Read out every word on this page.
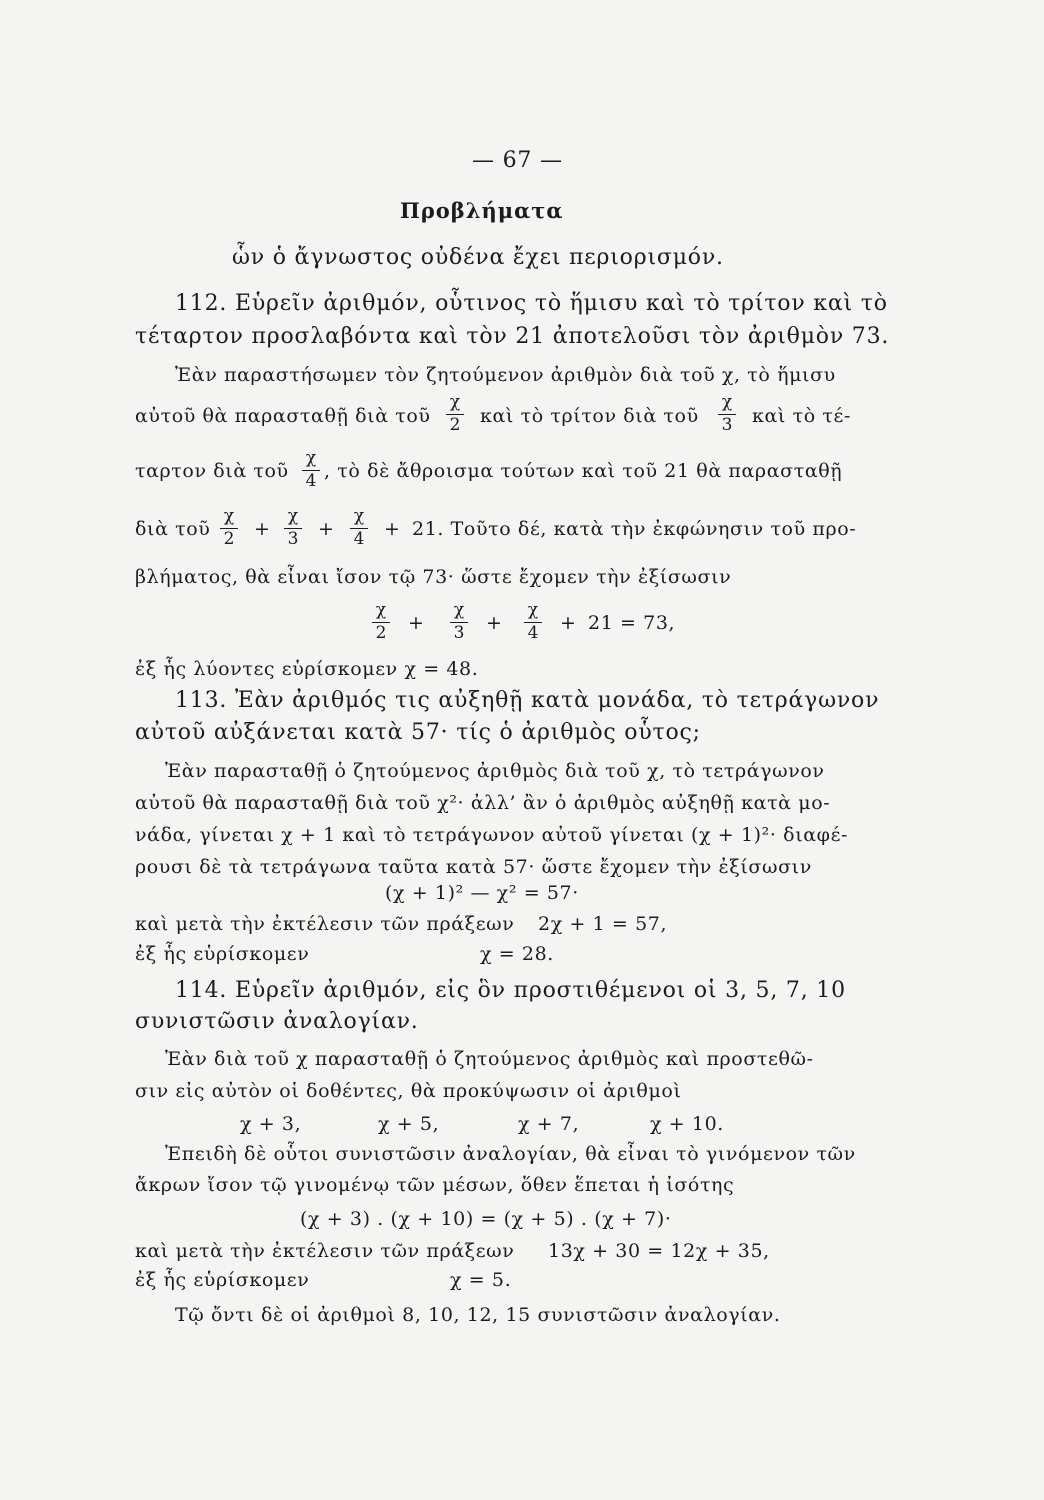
— 67 —
Προβλήματα
ὧν ὁ ἄγνωστος οὐδένα ἔχει περιορισμόν.
112. Εὑρεῖν ἀριθμόν, οὗτινος τὸ ἥμισυ καὶ τὸ τρίτον καὶ τὸ
τέταρτον προσλαβόντα καὶ τὸν 21 ἀποτελοῦσι τὸν ἀριθμὸν 73.
Ἐὰν παραστήσωμεν τὸν ζητούμενον ἀριθμὸν διὰ τοῦ χ, τὸ ἥμισυ
αὐτοῦ θὰ παρασταθῇ διὰ τοῦ
χ
2 καὶ τὸ τρίτον διὰ τοῦ
χ
3 καὶ τὸ τέ-
ταρτον διὰ τοῦ
χ
4 , τὸ δὲ ἄθροισμα τούτων καὶ τοῦ 21 θὰ παρασταθῇ
διὰ τοῦ
χ
2 +
χ
3 +
χ
4 + 21. Τοῦτο δέ, κατὰ τὴν ἐκφώνησιν τοῦ προ-
βλήματος, θὰ εἶναι ἴσον τῷ 73· ὥστε ἔχομεν τὴν ἐξίσωσιν
χ
2 +
χ
3 +
χ
4 + 21 = 73,
ἐξ ἧς λύοντες εὑρίσκομεν χ = 48.
113. Ἐὰν ἀριθμός τις αὐξηθῇ κατὰ μονάδα, τὸ τετράγωνον
αὐτοῦ αὐξάνεται κατὰ 57· τίς ὁ ἀριθμὸς οὗτος;
Ἐὰν παρασταθῇ ὁ ζητούμενος ἀριθμὸς διὰ τοῦ χ, τὸ τετράγωνον
αὐτοῦ θὰ παρασταθῇ διὰ τοῦ χ²· ἀλλ’ ἂν ὁ ἀριθμὸς αὐξηθῇ κατὰ μο-
νάδα, γίνεται χ + 1 καὶ τὸ τετράγωνον αὐτοῦ γίνεται (χ + 1)²· διαφέ-
ρουσι δὲ τὰ τετράγωνα ταῦτα κατὰ 57· ὥστε ἔχομεν τὴν ἐξίσωσιν
(χ + 1)² — χ² = 57·
καὶ μετὰ τὴν ἐκτέλεσιν τῶν πράξεων 2χ + 1 = 57,
ἐξ ἧς εὑρίσκομεν	χ = 28.
114. Εὑρεῖν ἀριθμόν, εἰς ὃν προστιθέμενοι οἱ 3, 5, 7, 10
συνιστῶσιν ἀναλογίαν.
Ἐὰν διὰ τοῦ χ παρασταθῇ ὁ ζητούμενος ἀριθμὸς καὶ προστεθῶ-
σιν εἰς αὐτὸν οἱ δοθέντες, θὰ προκύψωσιν οἱ ἀριθμοὶ
χ + 3,	χ + 5,	χ + 7,	χ + 10.
Ἐπειδὴ δὲ οὗτοι συνιστῶσιν ἀναλογίαν, θὰ εἶναι τὸ γινόμενον τῶν
ἄκρων ἴσον τῷ γινομένῳ τῶν μέσων, ὅθεν ἕπεται ἡ ἰσότης
(χ + 3) . (χ + 10) = (χ + 5) . (χ + 7)·
καὶ μετὰ τὴν ἐκτέλεσιν τῶν πράξεων 13χ + 30 = 12χ + 35,
ἐξ ἧς εὑρίσκομεν	χ = 5.
Τῷ ὄντι δὲ οἱ ἀριθμοὶ 8, 10, 12, 15 συνιστῶσιν ἀναλογίαν.
